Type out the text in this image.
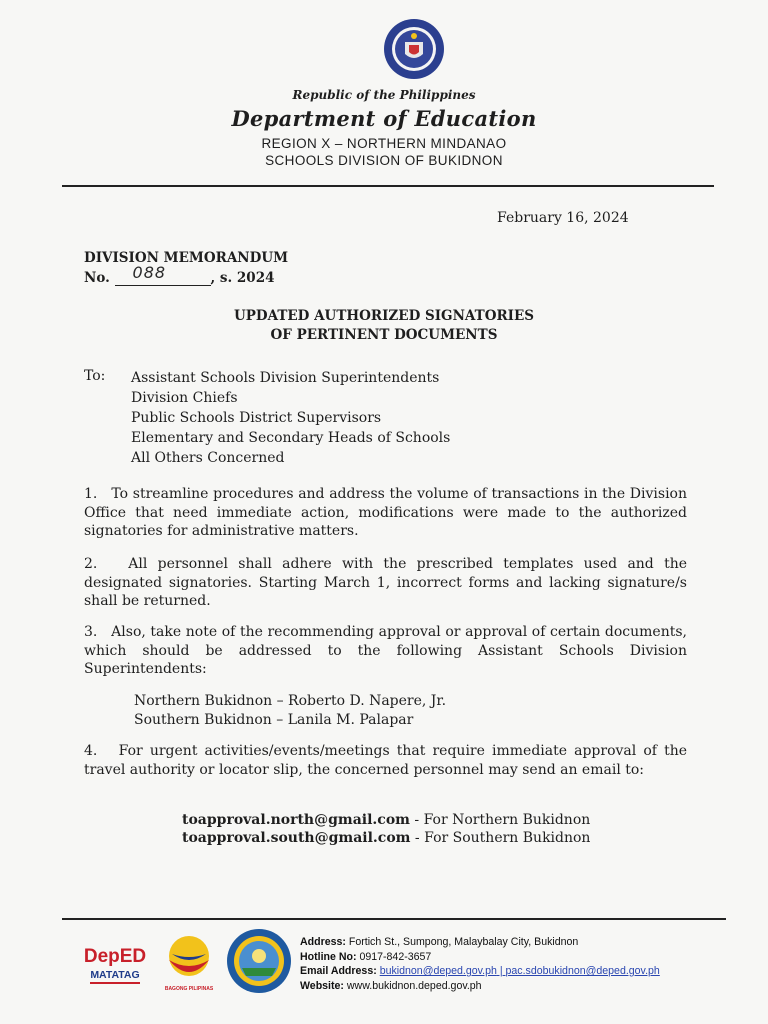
Republic of the Philippines
Department of Education
REGION X – NORTHERN MINDANAO
SCHOOLS DIVISION OF BUKIDNON
February 16, 2024
DIVISION MEMORANDUM
No. 088	, s. 2024
UPDATED AUTHORIZED SIGNATORIES
OF PERTINENT DOCUMENTS
To: Assistant Schools Division Superintendents
Division Chiefs
Public Schools District Supervisors
Elementary and Secondary Heads of Schools
All Others Concerned

1.   To streamline procedures and address the volume of transactions in the Division Office that need immediate action, modifications were made to the authorized signatories for administrative matters.

2.   All personnel shall adhere with the prescribed templates used and the designated signatories. Starting March 1, incorrect forms and lacking signature/s shall be returned.

3.   Also, take note of the recommending approval or approval of certain documents, which should be addressed to the following Assistant Schools Division Superintendents:

Northern Bukidnon – Roberto D. Napere, Jr.
Southern Bukidnon – Lanila M. Palapar

4.   For urgent activities/events/meetings that require immediate approval of the travel authority or locator slip, the concerned personnel may send an email to:

toapproval.north@gmail.com - For Northern Bukidnon
toapproval.south@gmail.com - For Southern Bukidnon
DepED
MATATAG
BAGONG PILIPINAS
Address: Fortich St., Sumpong, Malaybalay City, Bukidnon
Hotline No: 0917-842-3657
Email Address: bukidnon@deped.gov.ph | pac.sdobukidnon@deped.gov.ph
Website: www.bukidnon.deped.gov.ph
